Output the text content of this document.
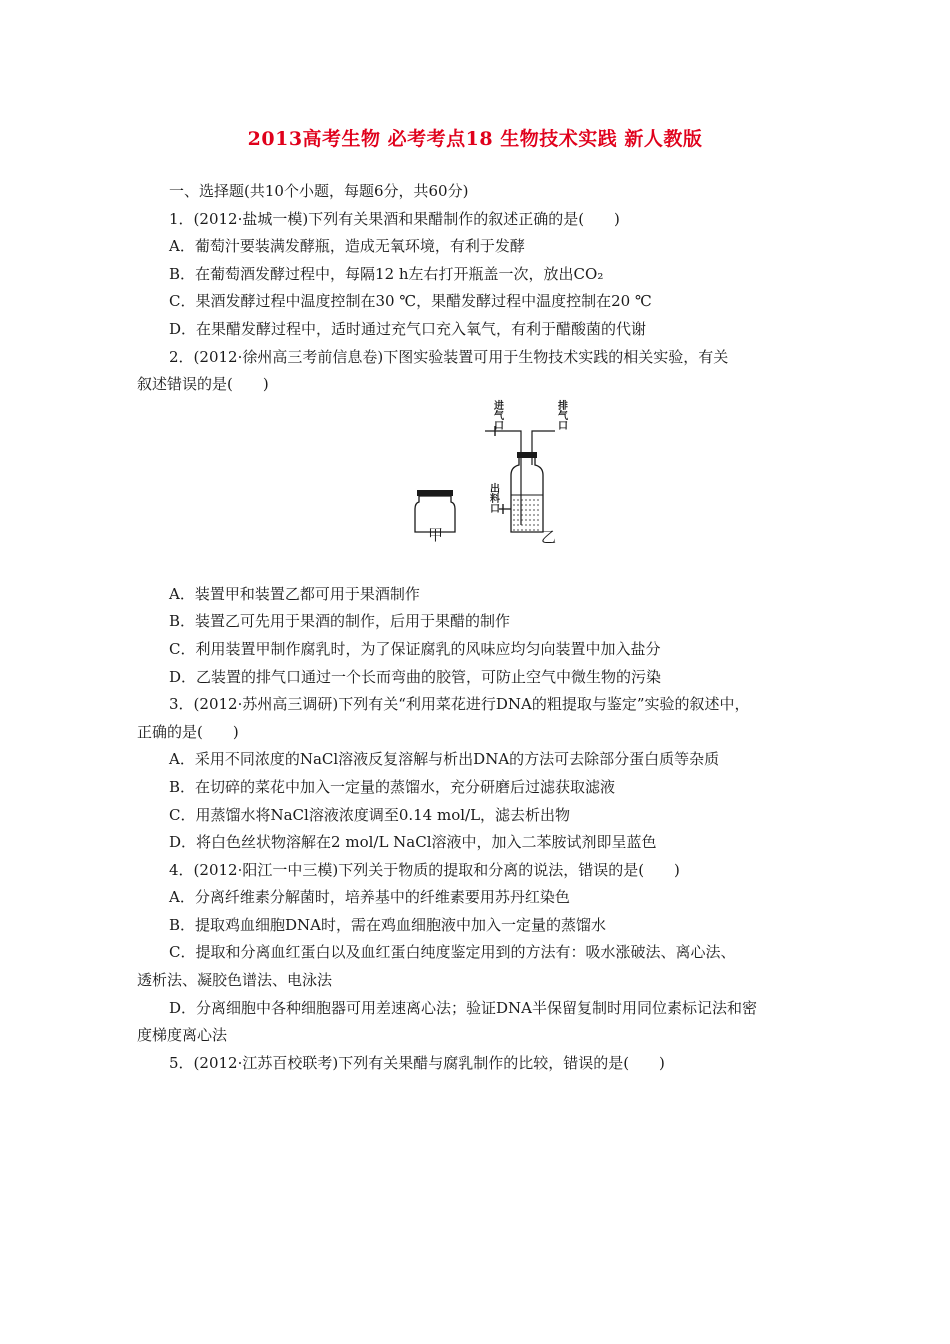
2013高考生物 必考考点18 生物技术实践 新人教版
一、选择题(共10个小题，每题6分，共60分)
1．(2012·盐城一模)下列有关果酒和果醋制作的叙述正确的是(　　)
A．葡萄汁要装满发酵瓶，造成无氧环境，有利于发酵
B．在葡萄酒发酵过程中，每隔12 h左右打开瓶盖一次，放出CO₂
C．果酒发酵过程中温度控制在30 ℃，果醋发酵过程中温度控制在20 ℃
D．在果醋发酵过程中，适时通过充气口充入氧气，有利于醋酸菌的代谢
2．(2012·徐州高三考前信息卷)下图实验装置可用于生物技术实践的相关实验，有关
叙述错误的是(　　)
进气口
排气口
出料口
甲	乙
A．装置甲和装置乙都可用于果酒制作
B．装置乙可先用于果酒的制作，后用于果醋的制作
C．利用装置甲制作腐乳时，为了保证腐乳的风味应均匀向装置中加入盐分
D．乙装置的排气口通过一个长而弯曲的胶管，可防止空气中微生物的污染
3．(2012·苏州高三调研)下列有关“利用菜花进行DNA的粗提取与鉴定”实验的叙述中，
正确的是(　　)
A．采用不同浓度的NaCl溶液反复溶解与析出DNA的方法可去除部分蛋白质等杂质
B．在切碎的菜花中加入一定量的蒸馏水，充分研磨后过滤获取滤液
C．用蒸馏水将NaCl溶液浓度调至0.14 mol/L，滤去析出物
D．将白色丝状物溶解在2 mol/L NaCl溶液中，加入二苯胺试剂即呈蓝色
4．(2012·阳江一中三模)下列关于物质的提取和分离的说法，错误的是(　　)
A．分离纤维素分解菌时，培养基中的纤维素要用苏丹红染色
B．提取鸡血细胞DNA时，需在鸡血细胞液中加入一定量的蒸馏水
C．提取和分离血红蛋白以及血红蛋白纯度鉴定用到的方法有：吸水涨破法、离心法、
透析法、凝胶色谱法、电泳法
D．分离细胞中各种细胞器可用差速离心法；验证DNA半保留复制时用同位素标记法和密
度梯度离心法
5．(2012·江苏百校联考)下列有关果醋与腐乳制作的比较，错误的是(　　)
